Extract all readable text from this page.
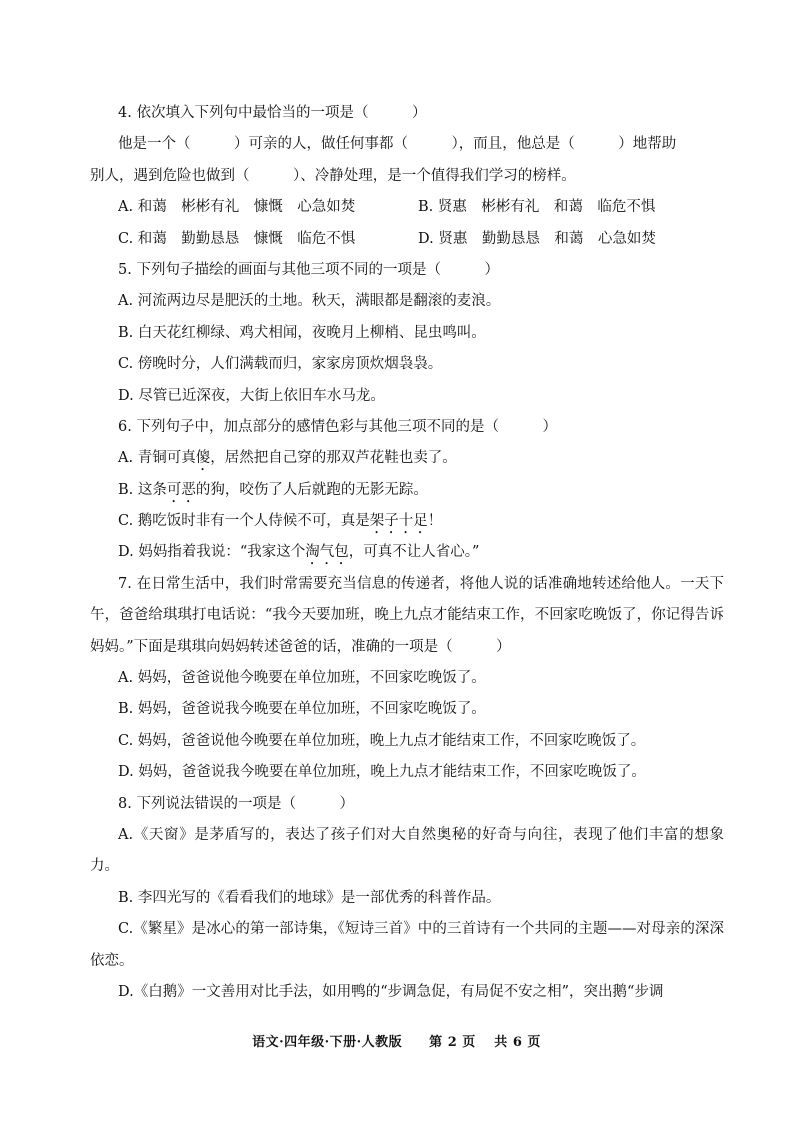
4. 依次填入下列句中最恰当的一项是（　　　）
他是一个（　　　）可亲的人，做任何事都（　　　），而且，他总是（　　　）地帮助
别人，遇到危险也做到（　　　）、冷静处理，是一个值得我们学习的榜样。
A. 和蔼　彬彬有礼　慷慨　心急如焚	B. 贤惠　彬彬有礼　和蔼　临危不惧
C. 和蔼　勤勤恳恳　慷慨　临危不惧	D. 贤惠　勤勤恳恳　和蔼　心急如焚
5. 下列句子描绘的画面与其他三项不同的一项是（　　　）
A. 河流两边尽是肥沃的土地。秋天，满眼都是翻滚的麦浪。
B. 白天花红柳绿、鸡犬相闻，夜晚月上柳梢、昆虫鸣叫。
C. 傍晚时分，人们满载而归，家家房顶炊烟袅袅。
D. 尽管已近深夜，大街上依旧车水马龙。
6. 下列句子中，加点部分的感情色彩与其他三项不同的是（　　　）
A. 青铜可真傻，居然把自己穿的那双芦花鞋也卖了。
B. 这条可恶的狗，咬伤了人后就跑的无影无踪。
C. 鹅吃饭时非有一个人侍候不可，真是架子十足！
D. 妈妈指着我说：“我家这个淘气包，可真不让人省心。”
7. 在日常生活中，我们时常需要充当信息的传递者，将他人说的话准确地转述给他人。一天下午，爸爸给琪琪打电话说：“我今天要加班，晚上九点才能结束工作，不回家吃晚饭了，你记得告诉妈妈。”下面是琪琪向妈妈转述爸爸的话，准确的一项是（　　　）
A. 妈妈，爸爸说他今晚要在单位加班，不回家吃晚饭了。
B. 妈妈，爸爸说我今晚要在单位加班，不回家吃晚饭了。
C. 妈妈，爸爸说他今晚要在单位加班，晚上九点才能结束工作，不回家吃晚饭了。
D. 妈妈，爸爸说我今晚要在单位加班，晚上九点才能结束工作，不回家吃晚饭了。
8. 下列说法错误的一项是（　　　）
A.《天窗》是茅盾写的，表达了孩子们对大自然奥秘的好奇与向往，表现了他们丰富的想象力。
B. 李四光写的《看看我们的地球》是一部优秀的科普作品。
C.《繁星》是冰心的第一部诗集，《短诗三首》中的三首诗有一个共同的主题——对母亲的深深依恋。
D.《白鹅》一文善用对比手法，如用鸭的“步调急促，有局促不安之相”，突出鹅“步调
语文·四年级·下册·人教版　　第 2 页　 共 6 页
